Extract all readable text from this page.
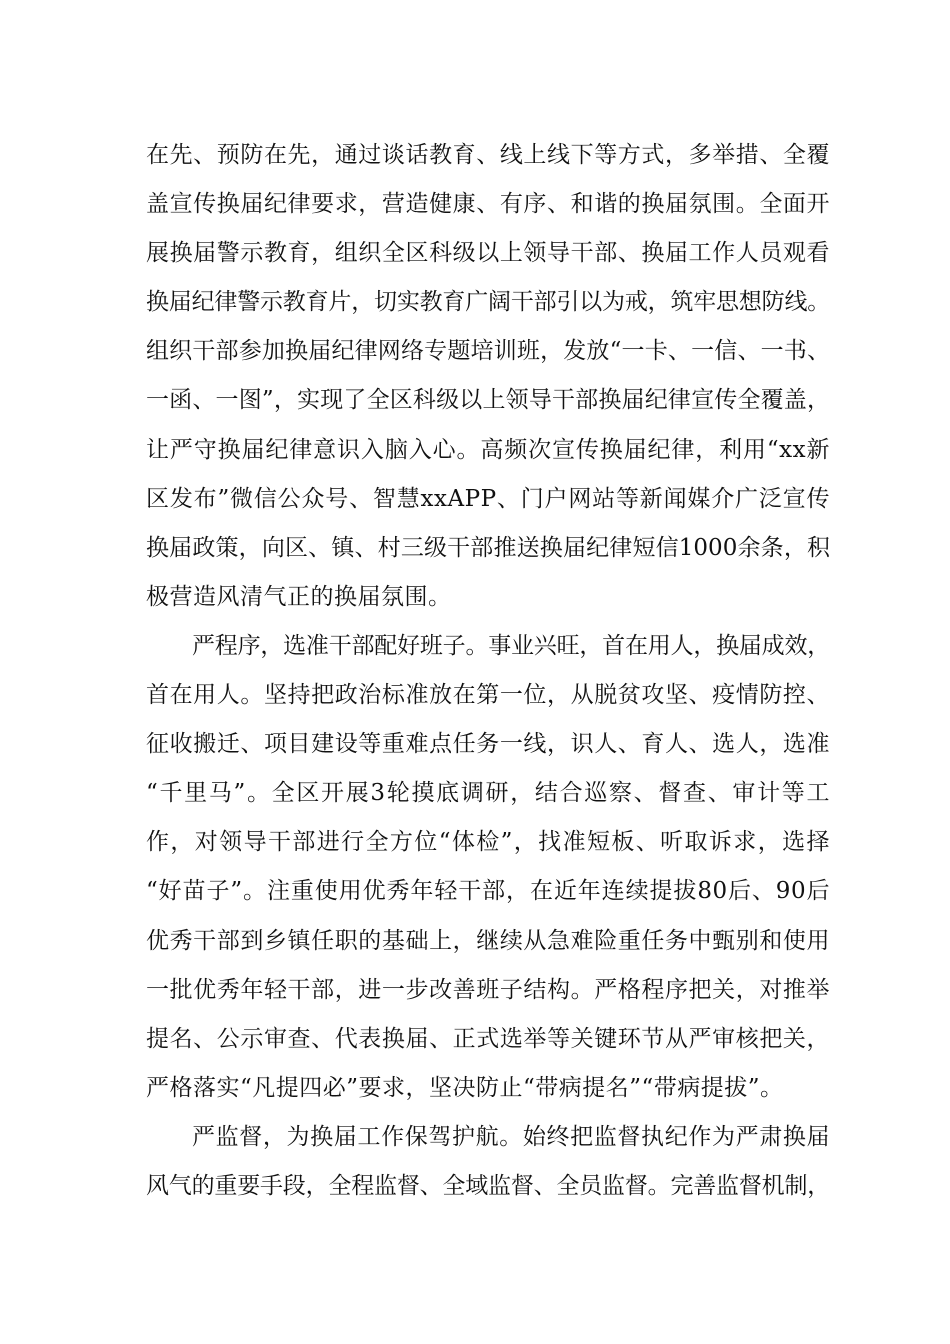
在先、预防在先，通过谈话教育、线上线下等方式，多举措、全覆
盖宣传换届纪律要求，营造健康、有序、和谐的换届氛围。全面开
展换届警示教育，组织全区科级以上领导干部、换届工作人员观看
换届纪律警示教育片，切实教育广阔干部引以为戒，筑牢思想防线。
组织干部参加换届纪律网络专题培训班，发放“一卡、一信、一书、
一函、一图”，实现了全区科级以上领导干部换届纪律宣传全覆盖，
让严守换届纪律意识入脑入心。高频次宣传换届纪律，利用“xx新
区发布”微信公众号、智慧xxAPP、门户网站等新闻媒介广泛宣传
换届政策，向区、镇、村三级干部推送换届纪律短信1000余条，积
极营造风清气正的换届氛围。
严程序，选准干部配好班子。事业兴旺，首在用人，换届成效，
首在用人。坚持把政治标准放在第一位，从脱贫攻坚、疫情防控、
征收搬迁、项目建设等重难点任务一线，识人、育人、选人，选准
“千里马”。全区开展3轮摸底调研，结合巡察、督查、审计等工
作，对领导干部进行全方位“体检”，找准短板、听取诉求，选择
“好苗子”。注重使用优秀年轻干部，在近年连续提拔80后、90后
优秀干部到乡镇任职的基础上，继续从急难险重任务中甄别和使用
一批优秀年轻干部，进一步改善班子结构。严格程序把关，对推举
提名、公示审查、代表换届、正式选举等关键环节从严审核把关，
严格落实“凡提四必”要求，坚决防止“带病提名”“带病提拔”。
严监督，为换届工作保驾护航。始终把监督执纪作为严肃换届
风气的重要手段，全程监督、全域监督、全员监督。完善监督机制，
